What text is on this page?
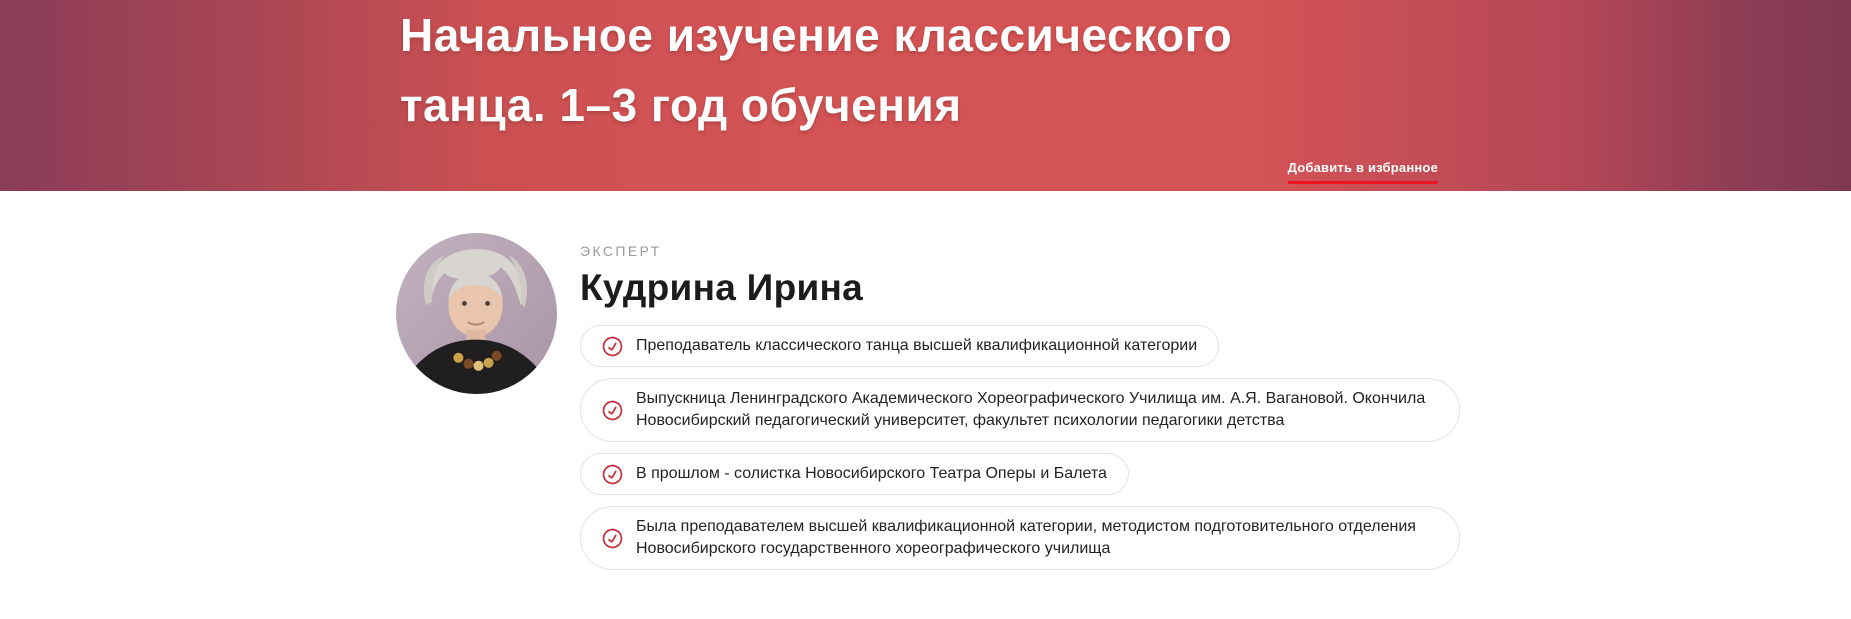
Начальное изучение классического
танца. 1–3 год обучения
Добавить в избранное
ЭКСПЕРТ
Кудрина Ирина
Преподаватель классического танца высшей квалификационной категории
Выпускница Ленинградского Академического Хореографического Училища им. А.Я. Вагановой. Окончила Новосибирский педагогический университет, факультет психологии педагогики детства
В прошлом - солистка Новосибирского Театра Оперы и Балета
Была преподавателем высшей квалификационной категории, методистом подготовительного отделения Новосибирского государственного хореографического училища
